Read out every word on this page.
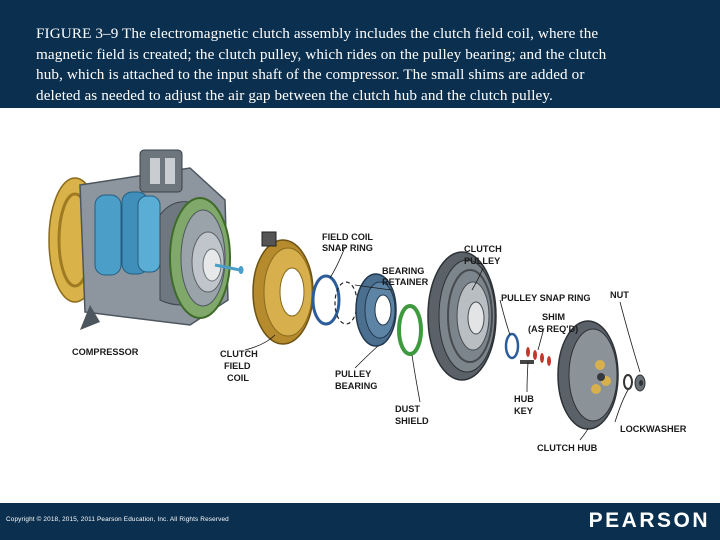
FIGURE 3–9 The electromagnetic clutch assembly includes the clutch field coil, where the
magnetic field is created; the clutch pulley, which rides on the pulley bearing; and the clutch
hub, which is attached to the input shaft of the compressor. The small shims are added or
deleted as needed to adjust the air gap between the clutch hub and the clutch pulley.
FIELD COIL
SNAP RING
BEARING
RETAINER
CLUTCH
PULLEY
PULLEY SNAP RING NUT
SHIM
(AS REQ'D)
COMPRESSOR	CLUTCH
FIELD
COIL	PULLEY
BEARING
HUB
KEY
DUST
SHIELD
LOCKWASHER
CLUTCH HUB
Copyright © 2018, 2015, 2011 Pearson Education, Inc. All Rights Reserved	PEARSON
